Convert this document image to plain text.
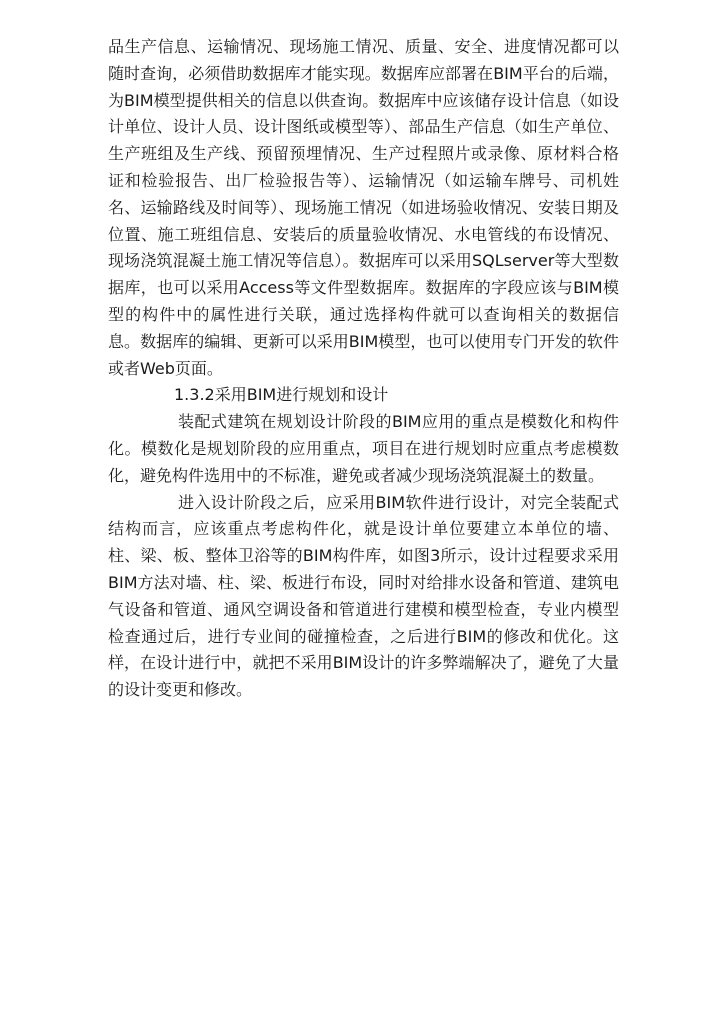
品生产信息、运输情况、现场施工情况、质量、安全、进度情况都可以随时查询，必须借助数据库才能实现。数据库应部署在BIM平台的后端，为BIM模型提供相关的信息以供查询。数据库中应该储存设计信息（如设计单位、设计人员、设计图纸或模型等）、部品生产信息（如生产单位、生产班组及生产线、预留预埋情况、生产过程照片或录像、原材料合格证和检验报告、出厂检验报告等）、运输情况（如运输车牌号、司机姓名、运输路线及时间等）、现场施工情况（如进场验收情况、安装日期及位置、施工班组信息、安装后的质量验收情况、水电管线的布设情况、现场浇筑混凝土施工情况等信息）。数据库可以采用SQLserver等大型数据库，也可以采用Access等文件型数据库。数据库的字段应该与BIM模型的构件中的属性进行关联，通过选择构件就可以查询相关的数据信息。数据库的编辑、更新可以采用BIM模型，也可以使用专门开发的软件或者Web页面。

1.3.2采用BIM进行规划和设计

装配式建筑在规划设计阶段的BIM应用的重点是模数化和构件化。模数化是规划阶段的应用重点，项目在进行规划时应重点考虑模数化，避免构件选用中的不标准，避免或者减少现场浇筑混凝土的数量。

进入设计阶段之后，应采用BIM软件进行设计，对完全装配式结构而言，应该重点考虑构件化，就是设计单位要建立本单位的墙、柱、梁、板、整体卫浴等的BIM构件库，如图3所示，设计过程要求采用BIM方法对墙、柱、梁、板进行布设，同时对给排水设备和管道、建筑电气设备和管道、通风空调设备和管道进行建模和模型检查，专业内模型检查通过后，进行专业间的碰撞检查，之后进行BIM的修改和优化。这样，在设计进行中，就把不采用BIM设计的许多弊端解决了，避免了大量的设计变更和修改。
